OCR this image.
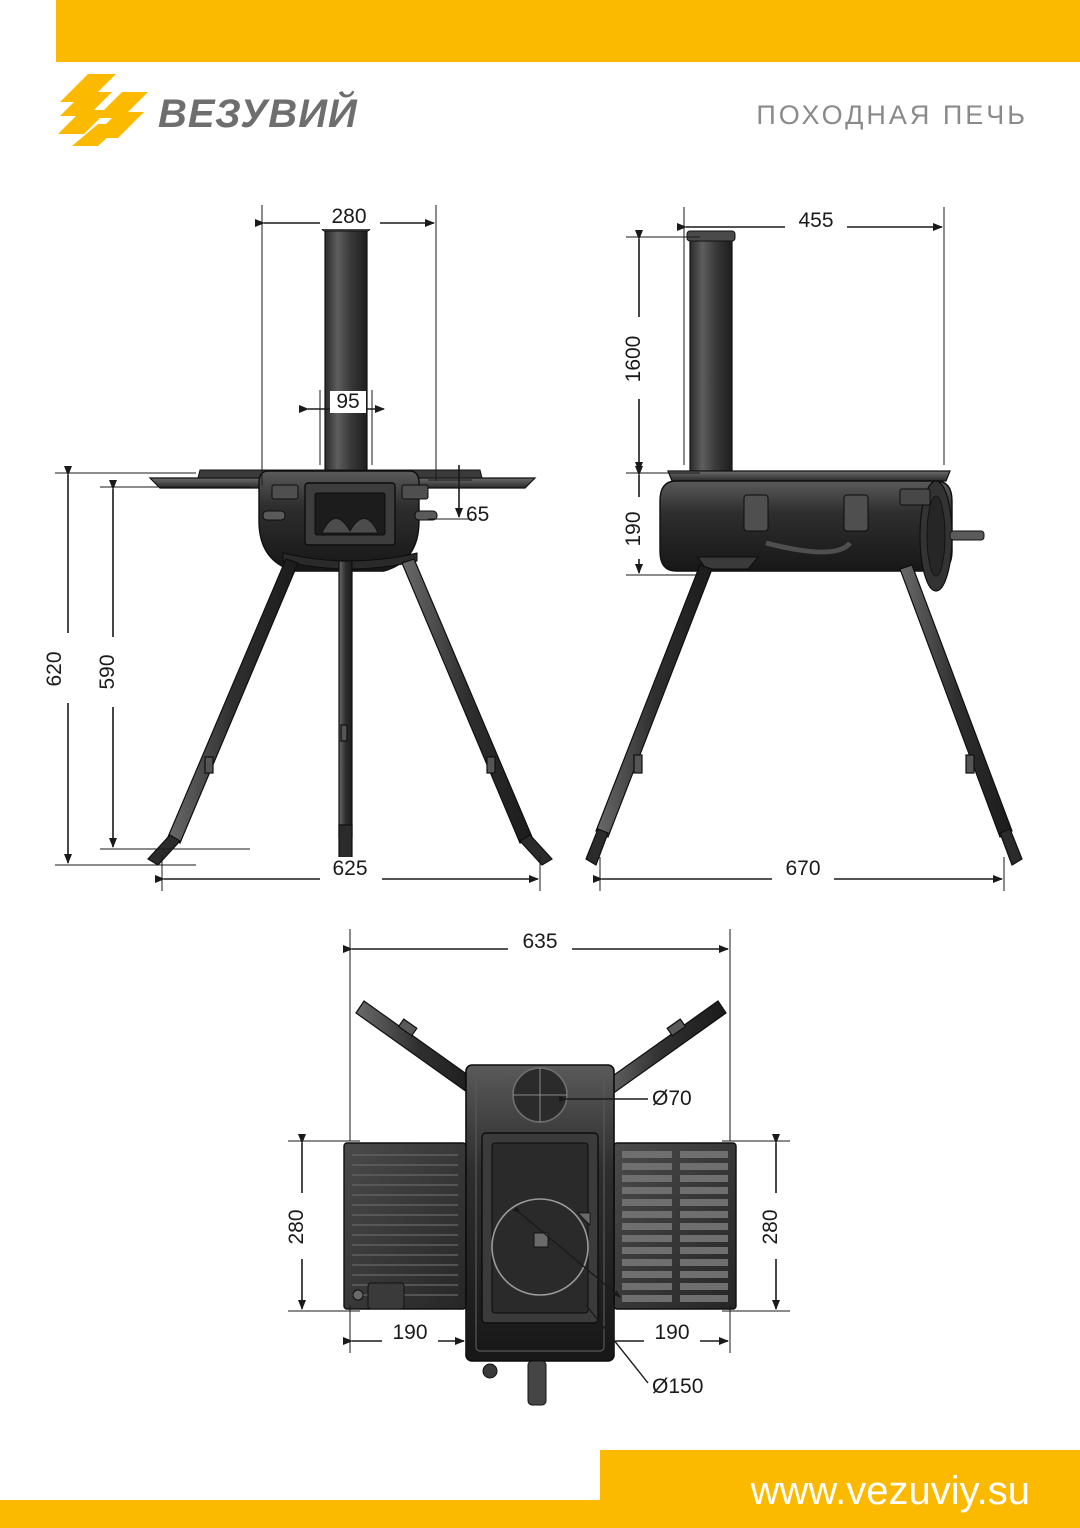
ВЕЗУВИЙ	ПОХОДНАЯ ПЕЧЬ
280
95
65
620 590
625
455
1600
190
670
635
Ø70
Ø150
280	280
190	190
www.vezuviy.su
